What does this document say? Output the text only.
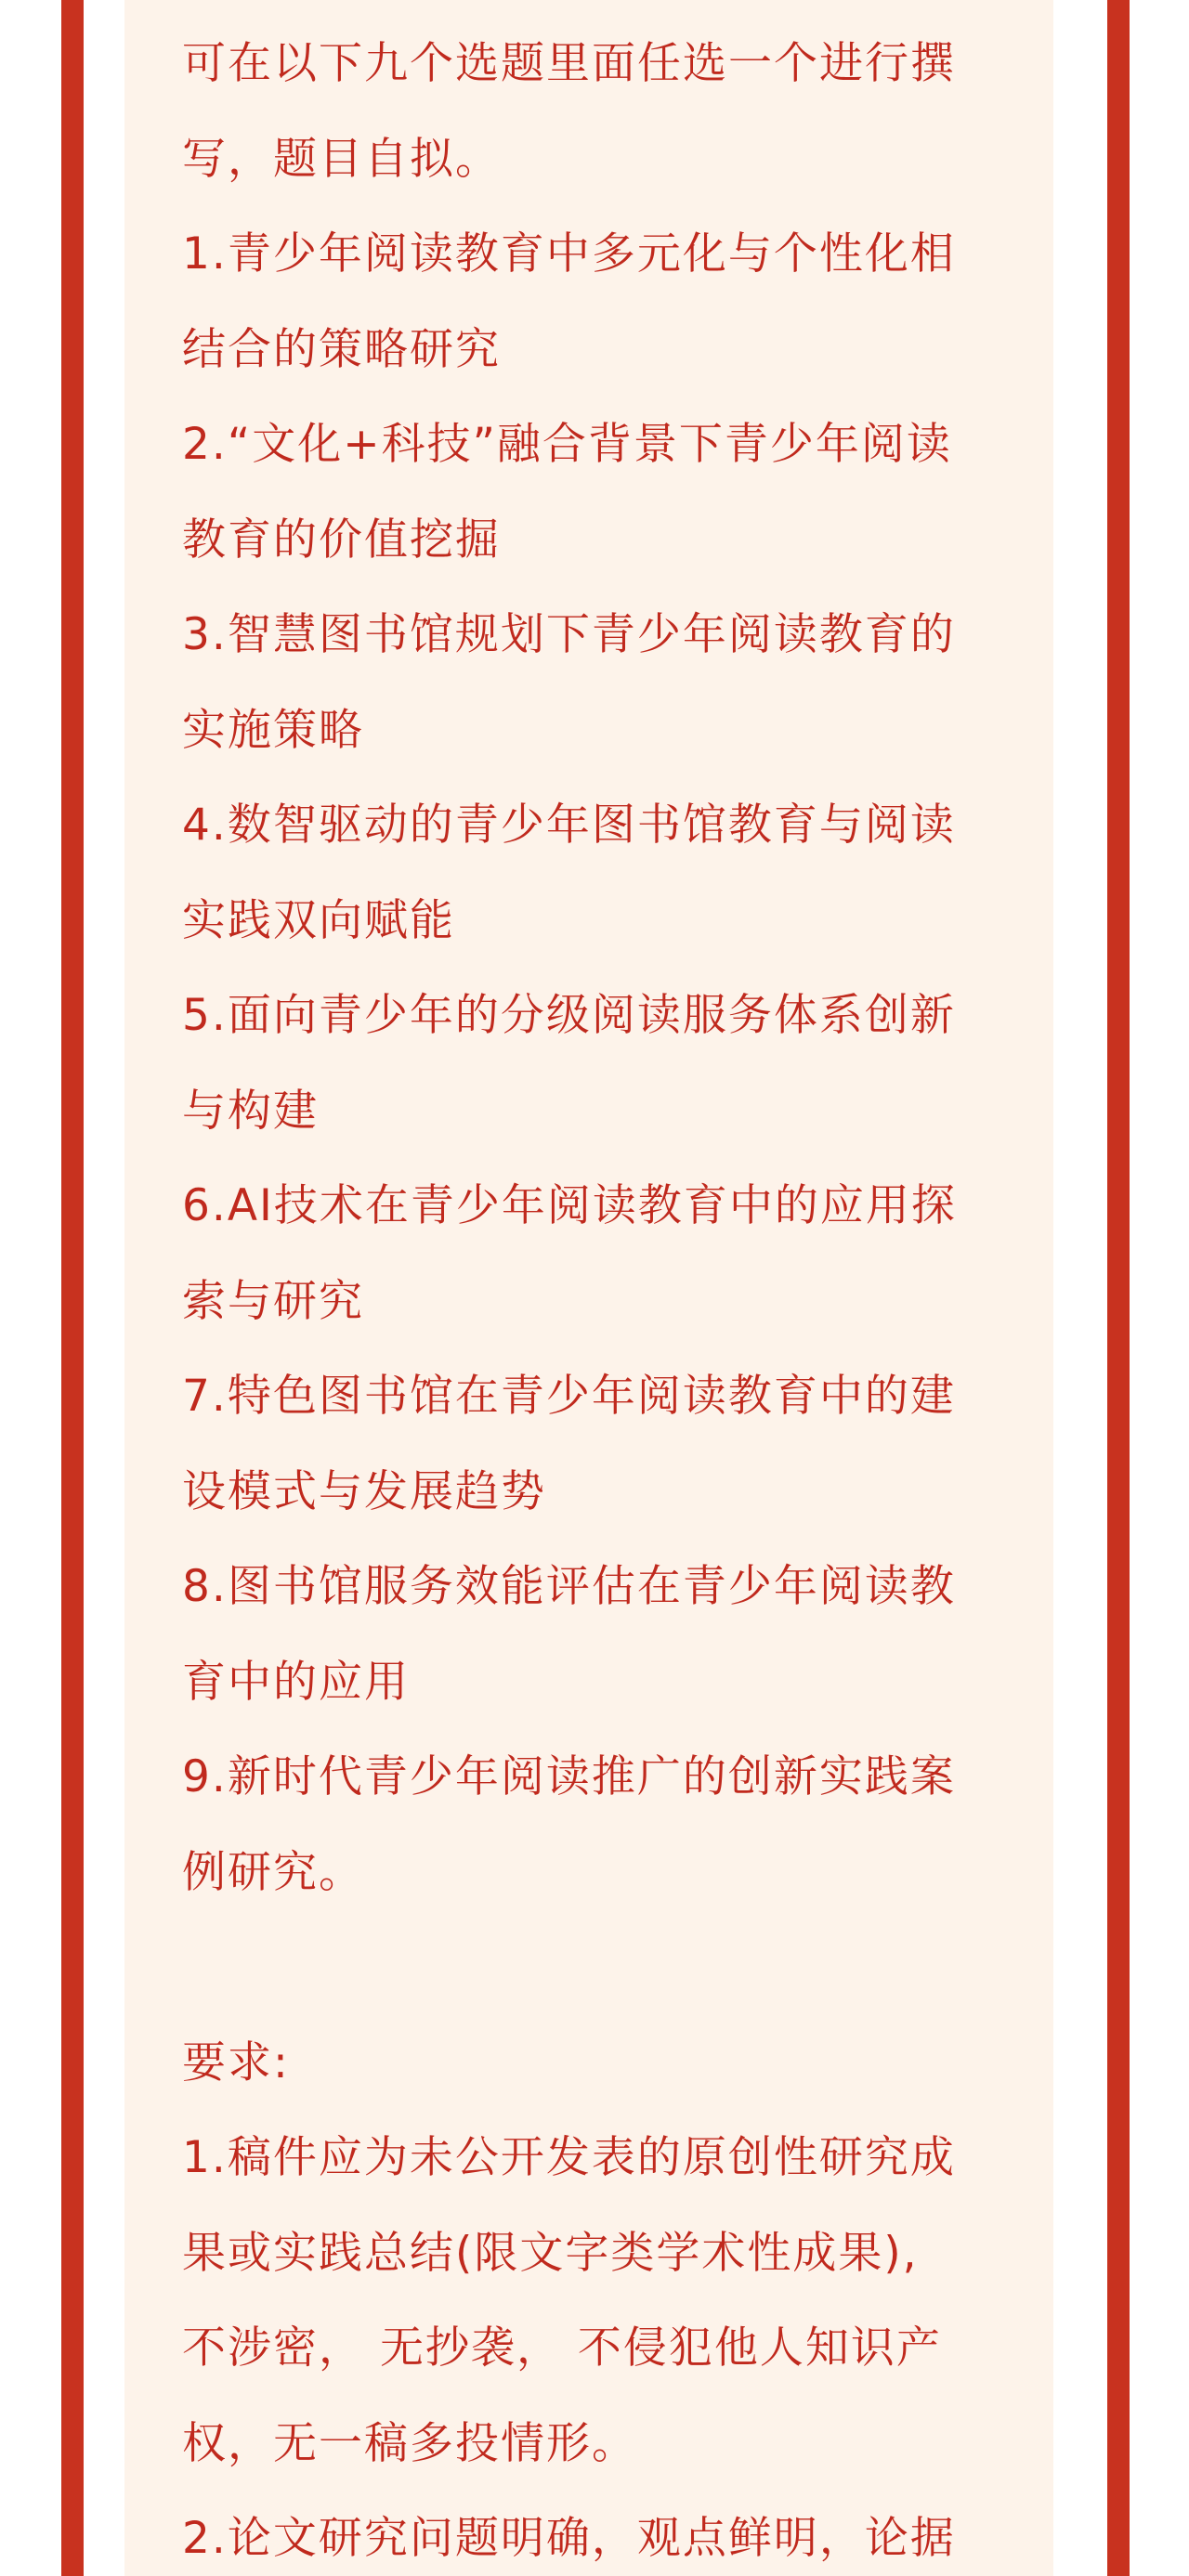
可在以下九个选题里面任选一个进行撰
写，题目自拟。
1.青少年阅读教育中多元化与个性化相
结合的策略研究
2.“文化+科技”融合背景下青少年阅读
教育的价值挖掘
3.智慧图书馆规划下青少年阅读教育的
实施策略
4.数智驱动的青少年图书馆教育与阅读
实践双向赋能
5.面向青少年的分级阅读服务体系创新
与构建
6.AI技术在青少年阅读教育中的应用探
索与研究
7.特色图书馆在青少年阅读教育中的建
设模式与发展趋势
8.图书馆服务效能评估在青少年阅读教
育中的应用
9.新时代青少年阅读推广的创新实践案
例研究。
要求:
1.稿件应为未公开发表的原创性研究成
果或实践总结(限文字类学术性成果),
不涉密， 无抄袭， 不侵犯他人知识产
权，无一稿多投情形。
2.论文研究问题明确，观点鲜明，论据
